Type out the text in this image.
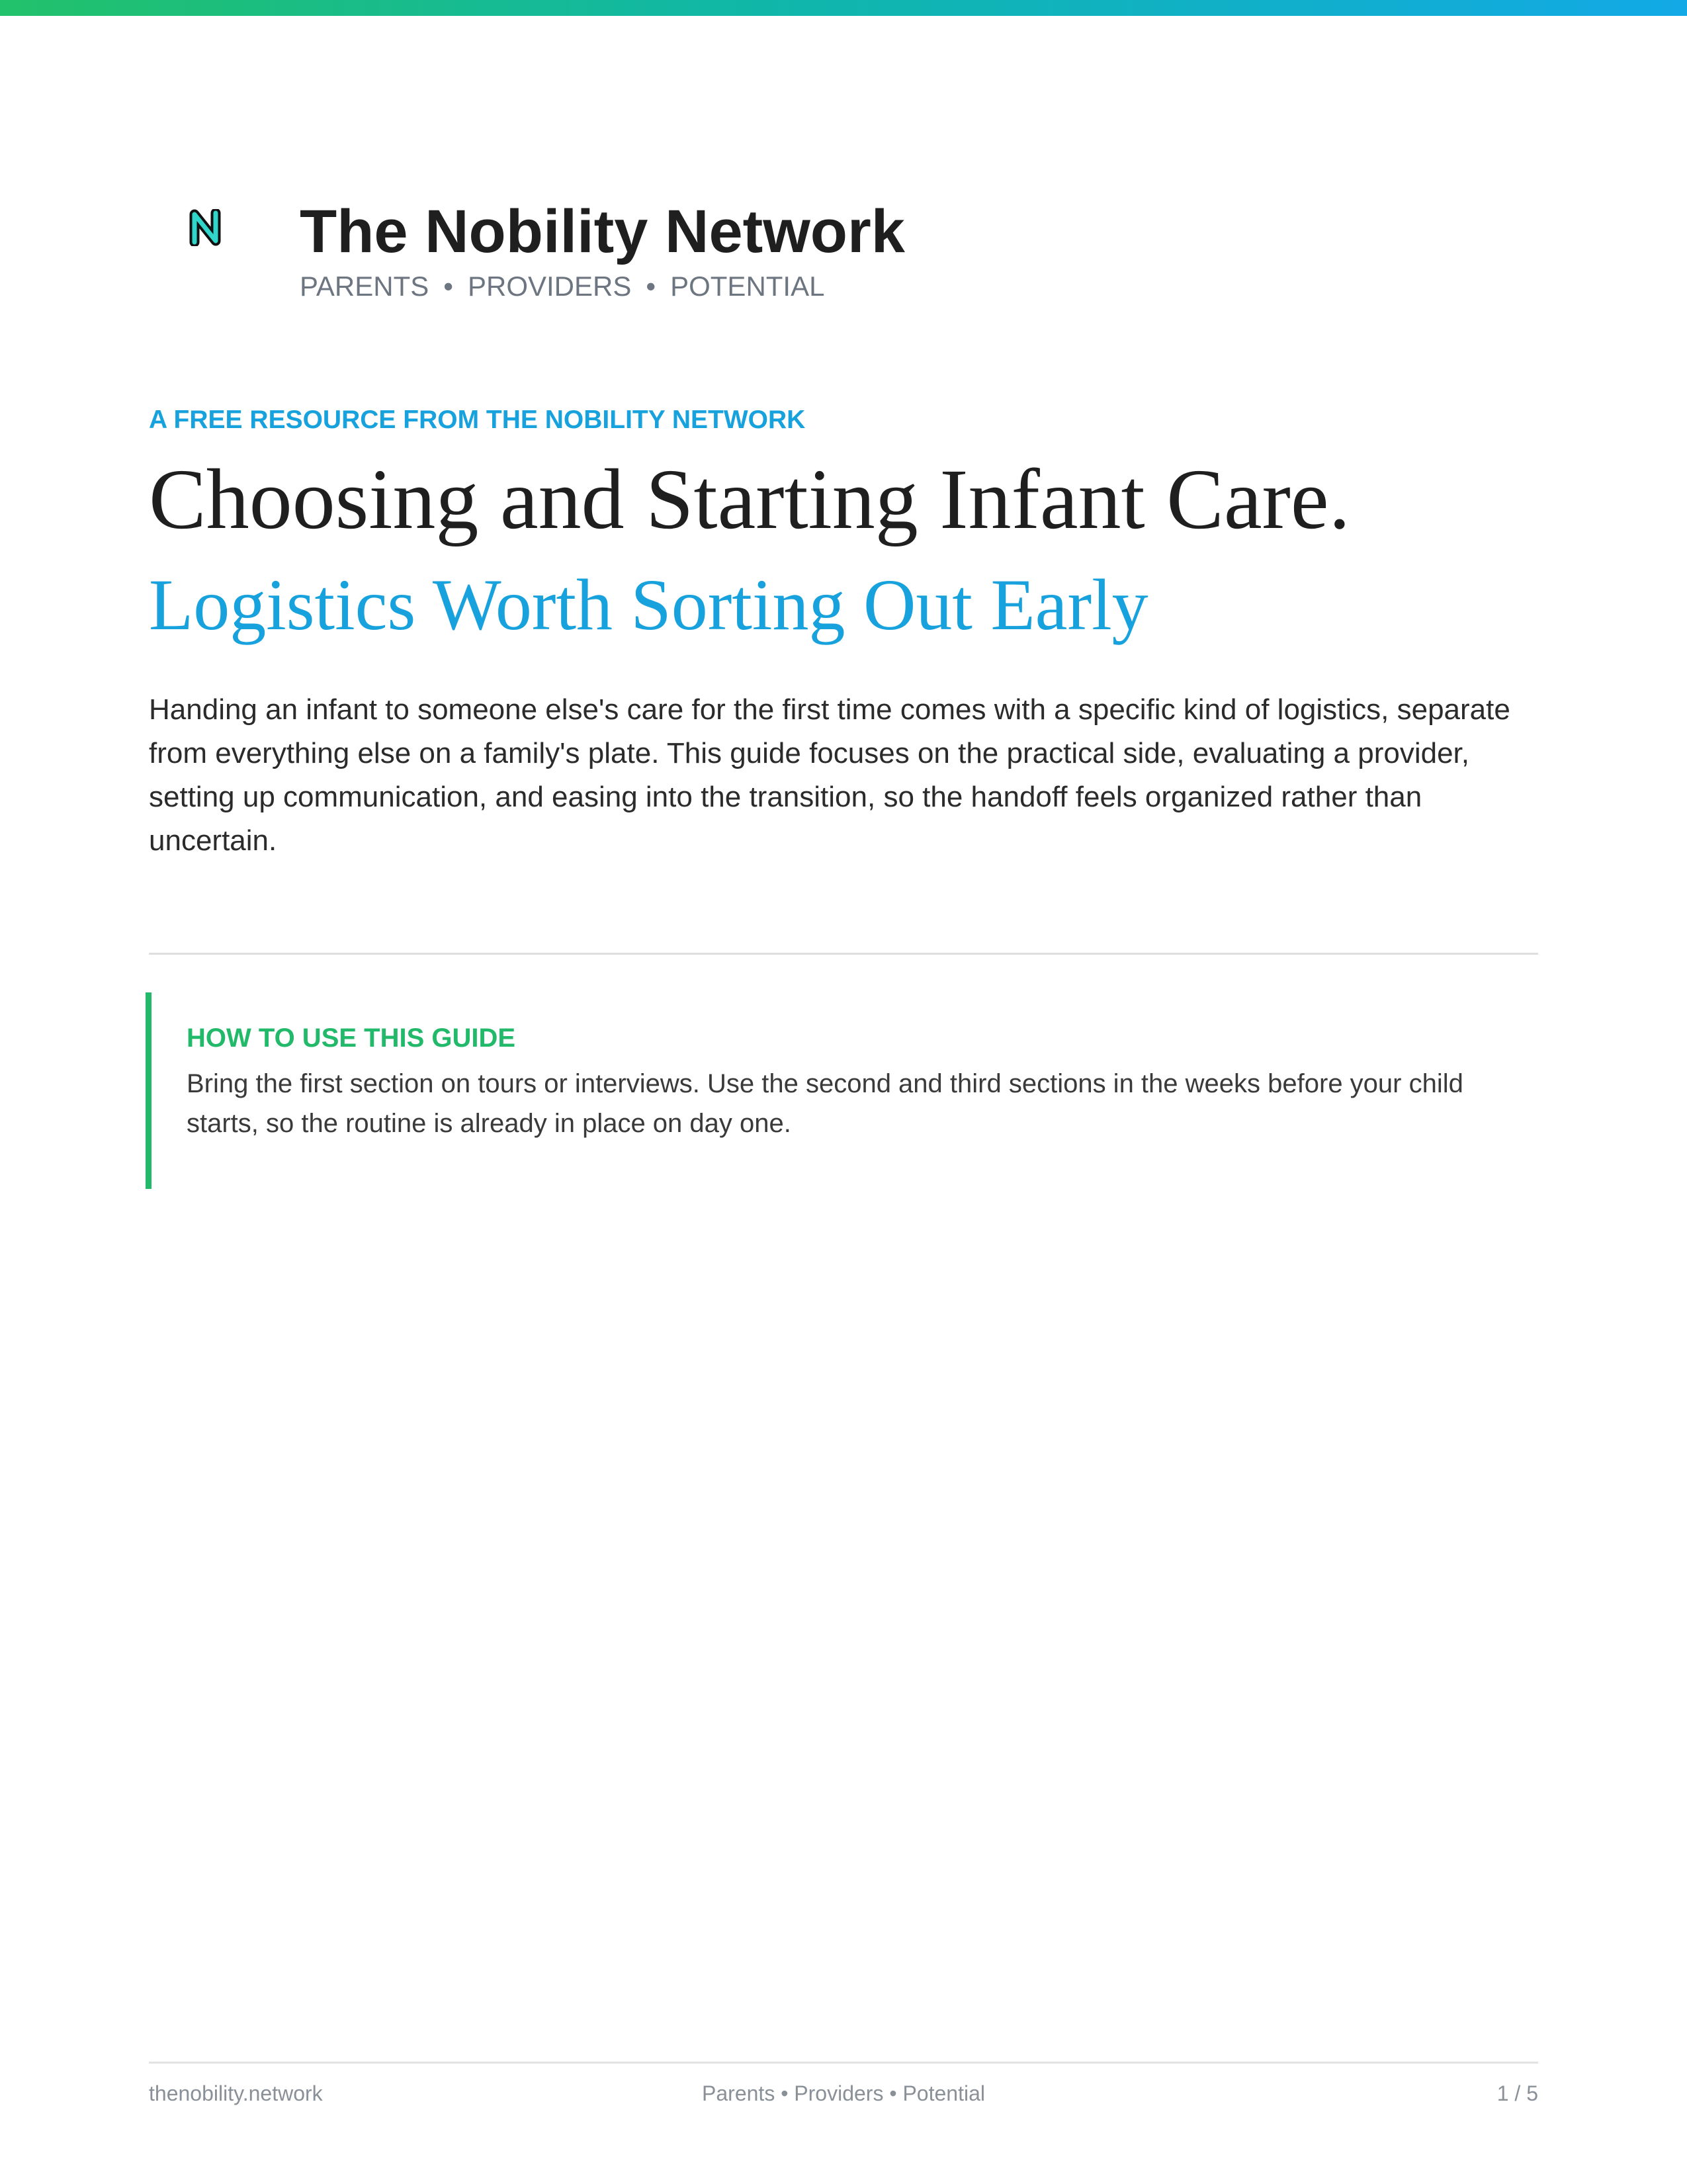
The Nobility Network
PARENTS • PROVIDERS • POTENTIAL
A FREE RESOURCE FROM THE NOBILITY NETWORK
Choosing and Starting Infant Care.
Logistics Worth Sorting Out Early

Handing an infant to someone else's care for the first time comes with a specific kind of logistics, separate from everything else on a family's plate. This guide focuses on the practical side, evaluating a provider, setting up communication, and easing into the transition, so the handoff feels organized rather than uncertain.

HOW TO USE THIS GUIDE
Bring the first section on tours or interviews. Use the second and third sections in the weeks before your child starts, so the routine is already in place on day one.
thenobility.network	Parents • Providers • Potential	1 / 5
